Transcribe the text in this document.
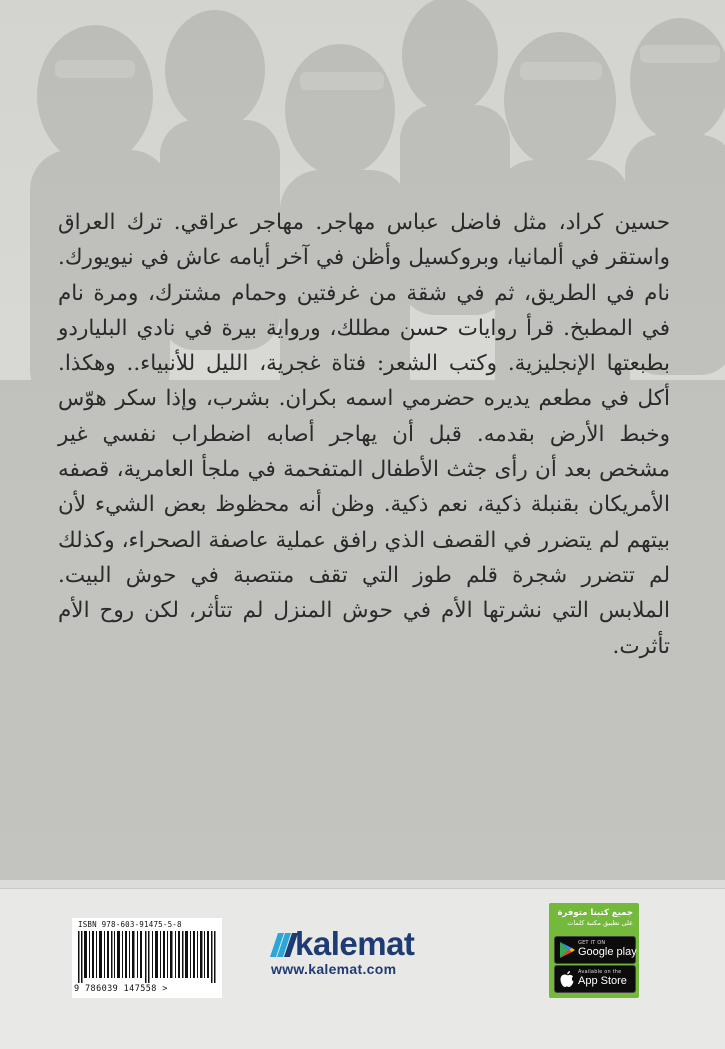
حسين كراد، مثل فاضل عباس مهاجر. مهاجر عراقي. ترك العراق واستقر في ألمانيا، وبروكسيل وأظن في آخر أيامه عاش في نيويورك. نام في الطريق، ثم في شقة من غرفتين وحمام مشترك، ومرة نام في المطبخ. قرأ روايات حسن مطلك، ورواية بيرة في نادي البلياردو بطبعتها الإنجليزية. وكتب الشعر: فتاة غجرية، الليل للأنبياء.. وهكذا. أكل في مطعم يديره حضرمي اسمه بكران. بشرب، وإذا سكر هوّس وخبط الأرض بقدمه. قبل أن يهاجر أصابه اضطراب نفسي غير مشخص بعد أن رأى جثث الأطفال المتفحمة في ملجأ العامرية، قصفه الأمريكان بقنبلة ذكية، نعم ذكية. وظن أنه محظوظ بعض الشيء لأن بيتهم لم يتضرر في القصف الذي رافق عملية عاصفة الصحراء، وكذلك لم تتضرر شجرة قلم طوز التي تقف منتصبة في حوش البيت. الملابس التي نشرتها الأم في حوش المنزل لم تتأثر، لكن روح الأم تأثرت.

ISBN 978-603-91475-5-8
9 786039 147558 >
kalemat
www.kalemat.com
جميع كتبنا متوفرة
على تطبيق مكتبة كلمات
GET IT ON
Google play
Available on the
App Store
